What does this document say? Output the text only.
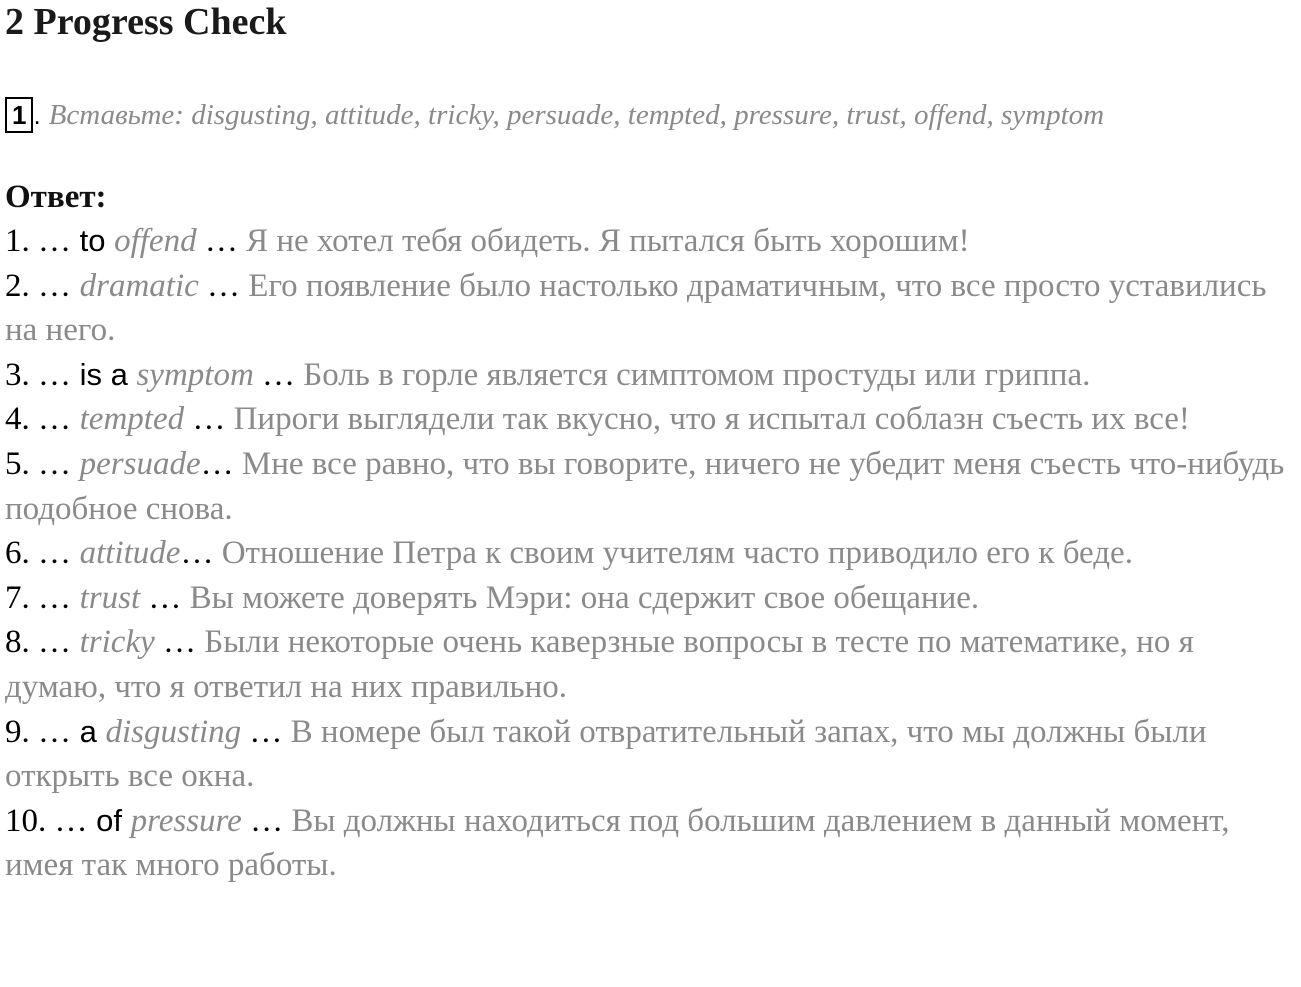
2 Progress Check
1 . Вставьте: disgusting, attitude, tricky, persuade, tempted, pressure, trust, offend, symptom
Ответ:

1. … to offend … Я не хотел тебя обидеть. Я пытался быть хорошим!

2. … dramatic … Его появление было настолько драматичным, что все просто уставились на него.

3. … is a symptom … Боль в горле является симптомом простуды или гриппа.

4. … tempted … Пироги выглядели так вкусно, что я испытал соблазн съесть их все!

5. … persuade… Мне все равно, что вы говорите, ничего не убедит меня съесть что-нибудь подобное снова.

6. … attitude… Отношение Петра к своим учителям часто приводило его к беде.

7. … trust … Вы можете доверять Мэри: она сдержит свое обещание.

8. … tricky … Были некоторые очень каверзные вопросы в тесте по математике, но я думаю, что я ответил на них правильно.

9. … a disgusting … В номере был такой отвратительный запах, что мы должны были открыть все окна.

10. … of pressure … Вы должны находиться под большим давлением в данный момент, имея так много работы.
